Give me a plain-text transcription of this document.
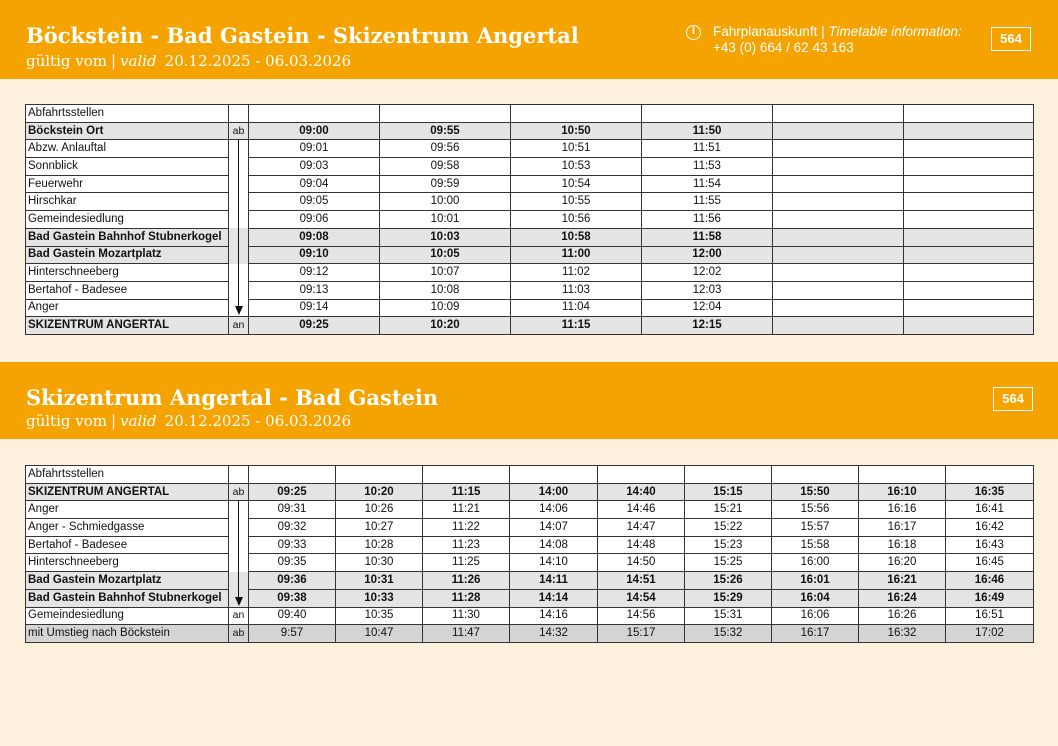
Böckstein - Bad Gastein - Skizentrum Angertal
gültig vom | valid 20.12.2025 - 06.03.2026
i	Fahrplanauskunft | Timetable information:
+43 (0) 664 / 62 43 163
564
Abfahrtsstellen							
Böckstein Ort	ab	09:00	09:55	10:50	11:50		
Abzw. Anlauftal		09:01	09:56	10:51	11:51		
Sonnblick		09:03	09:58	10:53	11:53		
Feuerwehr		09:04	09:59	10:54	11:54		
Hirschkar		09:05	10:00	10:55	11:55		
Gemeindesiedlung		09:06	10:01	10:56	11:56		
Bad Gastein Bahnhof Stubnerkogel		09:08	10:03	10:58	11:58		
Bad Gastein Mozartplatz		09:10	10:05	11:00	12:00		
Hinterschneeberg		09:12	10:07	11:02	12:02		
Bertahof - Badesee		09:13	10:08	11:03	12:03		
Anger		09:14	10:09	11:04	12:04		
SKIZENTRUM ANGERTAL	an	09:25	10:20	11:15	12:15		
Skizentrum Angertal - Bad Gastein
gültig vom | valid 20.12.2025 - 06.03.2026
564
Abfahrtsstellen										
SKIZENTRUM ANGERTAL	ab	09:25	10:20	11:15	14:00	14:40	15:15	15:50	16:10	16:35
Anger		09:31	10:26	11:21	14:06	14:46	15:21	15:56	16:16	16:41
Anger - Schmiedgasse		09:32	10:27	11:22	14:07	14:47	15:22	15:57	16:17	16:42
Bertahof - Badesee		09:33	10:28	11:23	14:08	14:48	15:23	15:58	16:18	16:43
Hinterschneeberg		09:35	10:30	11:25	14:10	14:50	15:25	16:00	16:20	16:45
Bad Gastein Mozartplatz		09:36	10:31	11:26	14:11	14:51	15:26	16:01	16:21	16:46
Bad Gastein Bahnhof Stubnerkogel		09:38	10:33	11:28	14:14	14:54	15:29	16:04	16:24	16:49
Gemeindesiedlung	an	09:40	10:35	11:30	14:16	14:56	15:31	16:06	16:26	16:51
mit Umstieg nach Böckstein	ab	9:57	10:47	11:47	14:32	15:17	15:32	16:17	16:32	17:02
